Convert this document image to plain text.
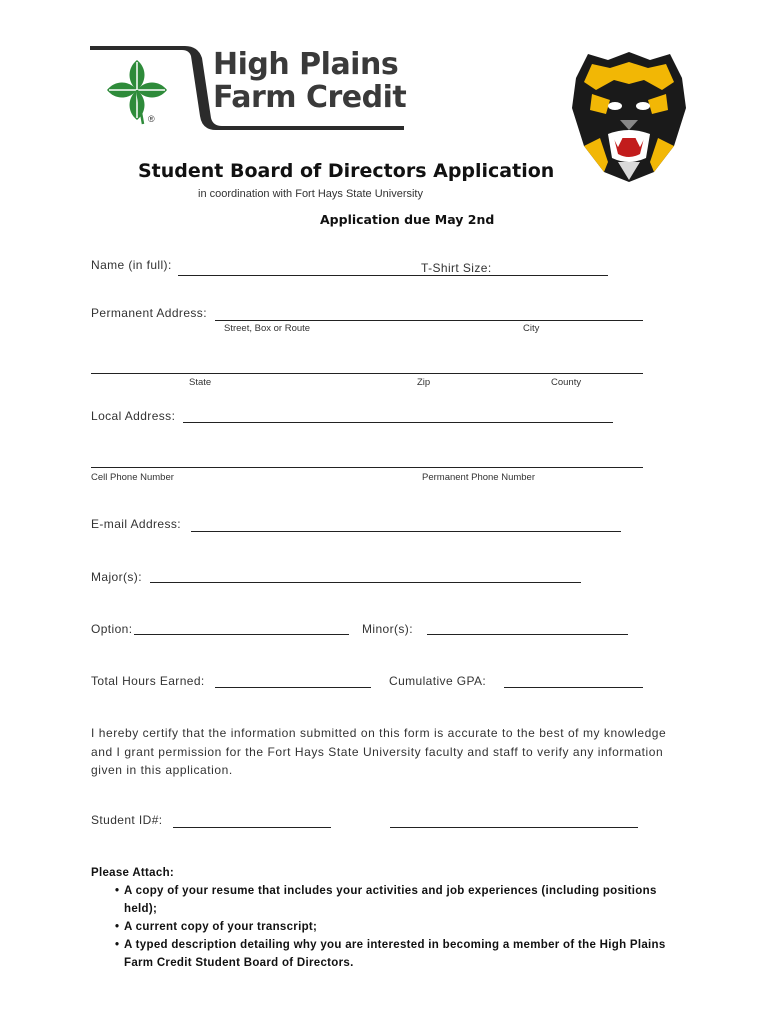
High Plains
Farm Credit
®
Student Board of Directors Application
in coordination with Fort Hays State University
Application due May 2nd
Name (in full):	T-Shirt Size:
Permanent Address:
Street, Box or Route	City
State	Zip	County
Local Address:
Cell Phone Number	Permanent Phone Number
E-mail Address:
Major(s):
Option:	Minor(s):
Total Hours Earned:	Cumulative GPA:
I hereby certify that the information submitted on this form is accurate to the best of my knowledge and I grant permission for the Fort Hays State University faculty and staff to verify any information given in this application.
Student ID#:
Please Attach:
• A copy of your resume that includes your activities and job experiences (including positions held);
• A current copy of your transcript;
• A typed description detailing why you are interested in becoming a member of the High Plains Farm Credit Student Board of Directors.
